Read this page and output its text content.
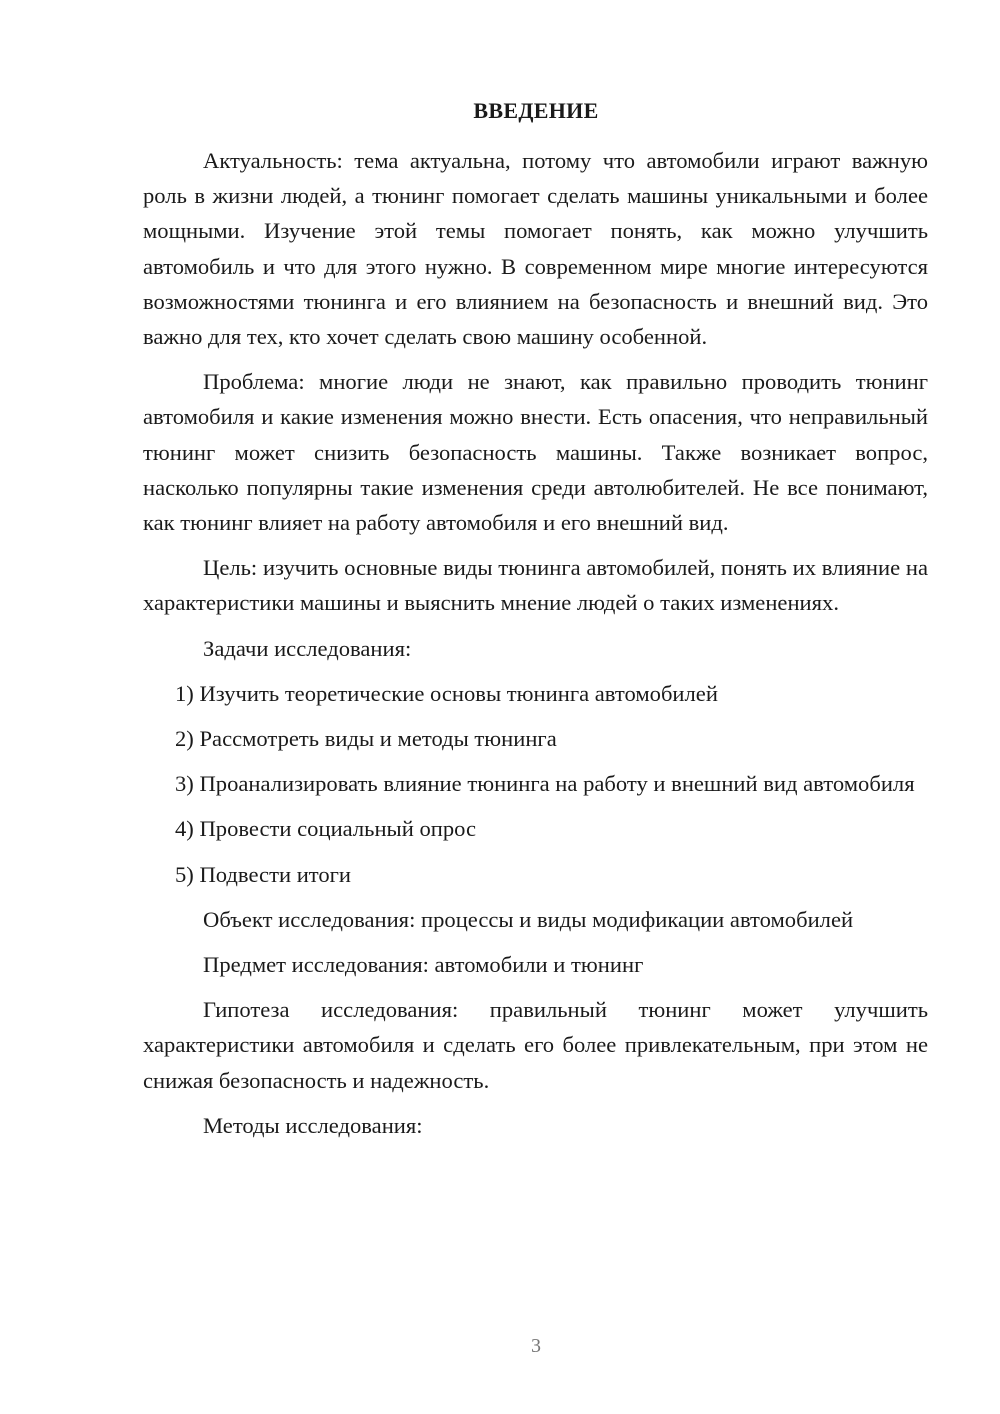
ВВЕДЕНИЕ

Актуальность: тема актуальна, потому что автомобили играют важную роль в жизни людей, а тюнинг помогает сделать машины уникальными и более мощными. Изучение этой темы помогает понять, как можно улучшить автомобиль и что для этого нужно. В современном мире многие интересуются возможностями тюнинга и его влиянием на безопасность и внешний вид. Это важно для тех, кто хочет сделать свою машину особенной.

Проблема: многие люди не знают, как правильно проводить тюнинг автомобиля и какие изменения можно внести. Есть опасения, что неправильный тюнинг может снизить безопасность машины. Также возникает вопрос, насколько популярны такие изменения среди автолюбителей. Не все понимают, как тюнинг влияет на работу автомобиля и его внешний вид.

Цель: изучить основные виды тюнинга автомобилей, понять их влияние на характеристики машины и выяснить мнение людей о таких изменениях.

Задачи исследования:

1) Изучить теоретические основы тюнинга автомобилей

2) Рассмотреть виды и методы тюнинга

3) Проанализировать влияние тюнинга на работу и внешний вид автомобиля

4) Провести социальный опрос

5) Подвести итоги

Объект исследования: процессы и виды модификации автомобилей

Предмет исследования: автомобили и тюнинг

Гипотеза исследования: правильный тюнинг может улучшить характеристики автомобиля и сделать его более привлекательным, при этом не снижая безопасность и надежность.

Методы исследования:

3
